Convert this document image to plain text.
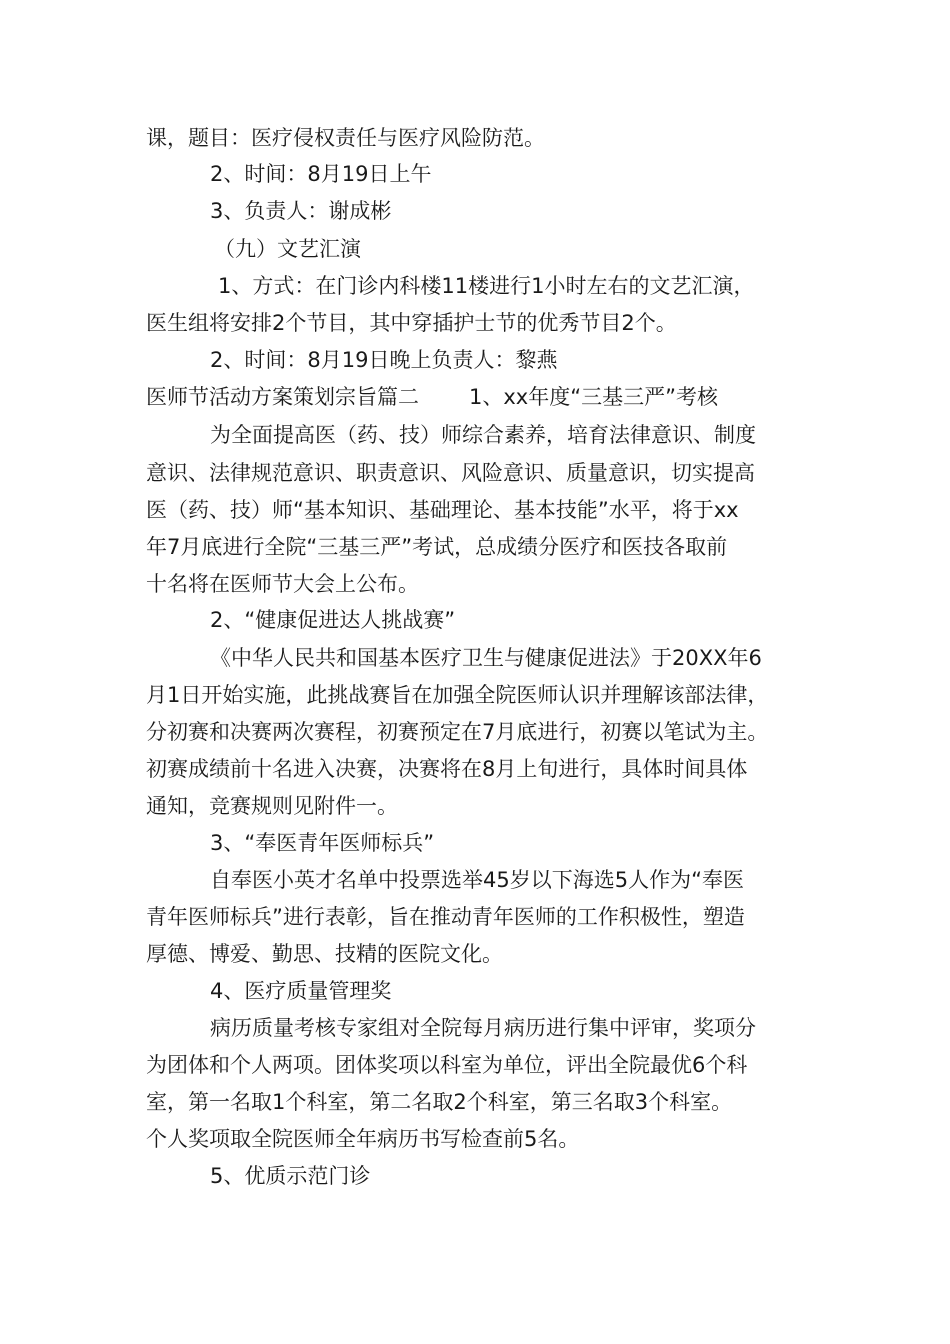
课，题目：医疗侵权责任与医疗风险防范。
2、时间：8月19日上午
3、负责人：谢成彬
（九）文艺汇演
1、方式：在门诊内科楼11楼进行1小时左右的文艺汇演，
医生组将安排2个节目，其中穿插护士节的优秀节目2个。
2、时间：8月19日晚上负责人：黎燕
医师节活动方案策划宗旨篇二 1、xx年度“三基三严”考核
为全面提高医（药、技）师综合素养，培育法律意识、制度
意识、法律规范意识、职责意识、风险意识、质量意识，切实提高
医（药、技）师“基本知识、基础理论、基本技能”水平，将于xx
年7月底进行全院“三基三严”考试，总成绩分医疗和医技各取前
十名将在医师节大会上公布。
2、“健康促进达人挑战赛”
《中华人民共和国基本医疗卫生与健康促进法》于20XX年6
月1日开始实施，此挑战赛旨在加强全院医师认识并理解该部法律，
分初赛和决赛两次赛程，初赛预定在7月底进行，初赛以笔试为主。
初赛成绩前十名进入决赛，决赛将在8月上旬进行，具体时间具体
通知，竞赛规则见附件一。
3、“奉医青年医师标兵”
自奉医小英才名单中投票选举45岁以下海选5人作为“奉医
青年医师标兵”进行表彰，旨在推动青年医师的工作积极性，塑造
厚德、博爱、勤思、技精的医院文化。
4、医疗质量管理奖
病历质量考核专家组对全院每月病历进行集中评审，奖项分
为团体和个人两项。团体奖项以科室为单位，评出全院最优6个科
室，第一名取1个科室，第二名取2个科室，第三名取3个科室。
个人奖项取全院医师全年病历书写检查前5名。
5、优质示范门诊
